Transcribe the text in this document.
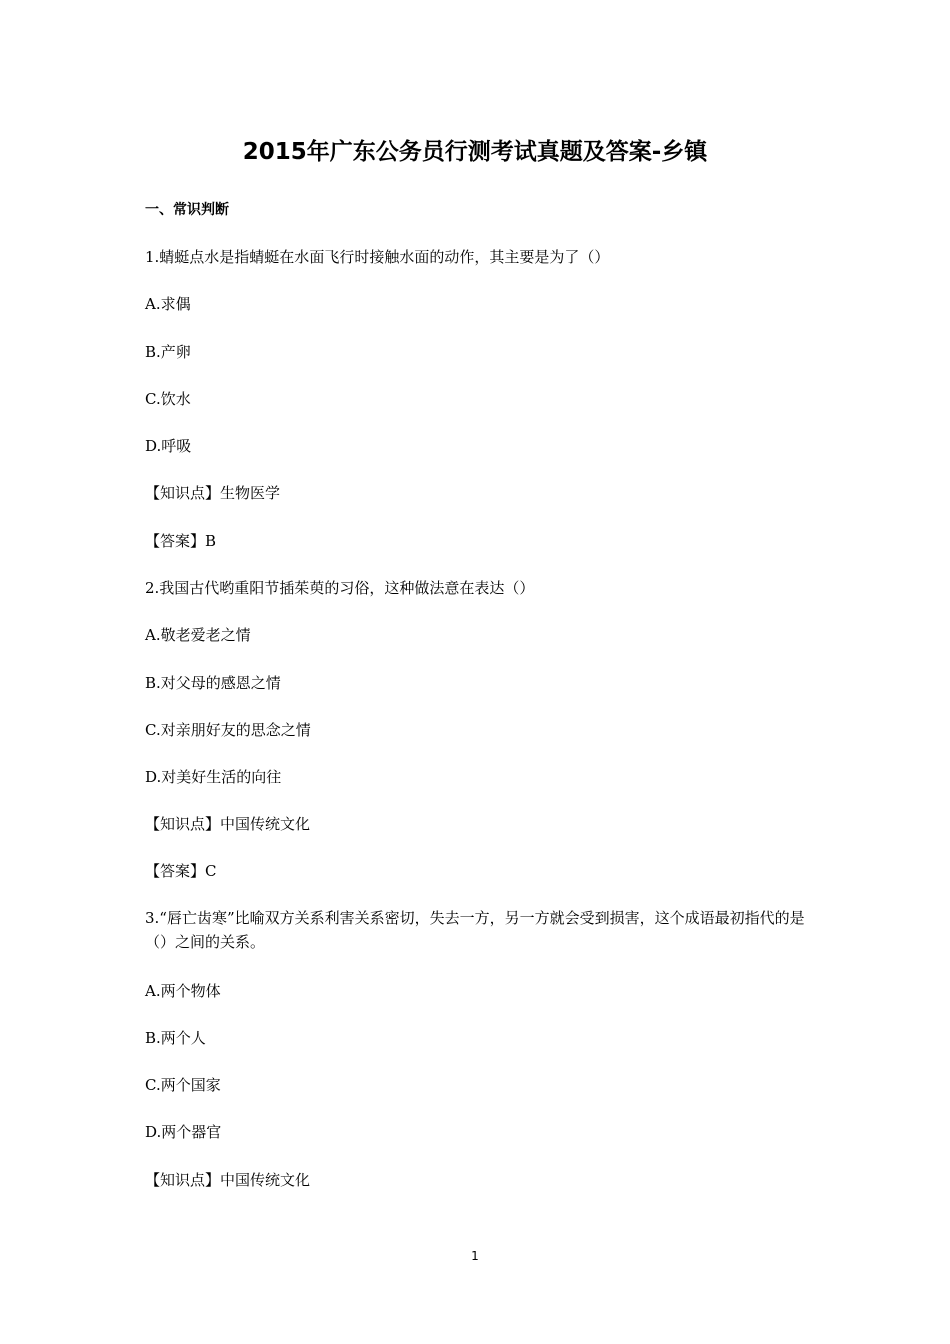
2015年广东公务员行测考试真题及答案-乡镇
一、常识判断

1.蜻蜓点水是指蜻蜓在水面飞行时接触水面的动作，其主要是为了（）

A.求偶

B.产卵

C.饮水

D.呼吸

【知识点】生物医学

【答案】B

2.我国古代哟重阳节插茱萸的习俗，这种做法意在表达（）

A.敬老爱老之情

B.对父母的感恩之情

C.对亲朋好友的思念之情

D.对美好生活的向往

【知识点】中国传统文化

【答案】C

3.“唇亡齿寒”比喻双方关系利害关系密切，失去一方，另一方就会受到损害，这个成语最初指代的是（）之间的关系。

A.两个物体

B.两个人

C.两个国家

D.两个器官

【知识点】中国传统文化

1
